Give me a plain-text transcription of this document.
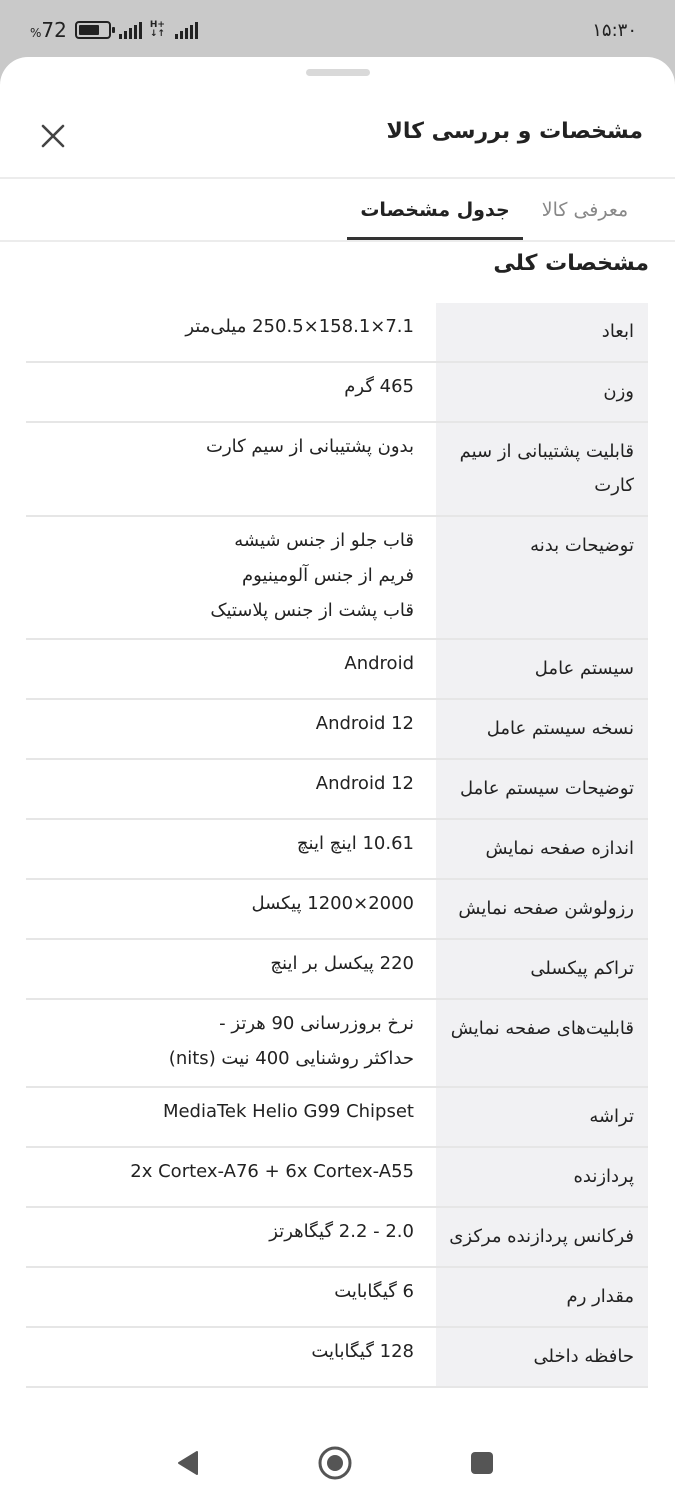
%72	H+
↓↑	۱۵:۳۰
مشخصات و بررسی کالا
معرفی کالا
جدول مشخصات
مشخصات کلی
ابعاد
7.1×158.1×250.5 میلی‌متر
وزن
465 گرم
قابلیت پشتیبانی از سیم کارت
بدون پشتیبانی از سیم کارت
توضیحات بدنه
قاب جلو از جنس شیشه
فریم از جنس آلومینیوم
قاب پشت از جنس پلاستیک
سیستم عامل
Android
نسخه سیستم عامل
Android 12
توضیحات سیستم عامل
Android 12
اندازه صفحه نمایش
10.61 اینچ اینچ
رزولوشن صفحه نمایش
2000×1200 پیکسل
تراکم پیکسلی
220 پیکسل بر اینچ
قابلیت‌های صفحه نمایش
نرخ بروزرسانی 90 هرتز -
حداکثر روشنایی 400 نیت (nits)
تراشه
MediaTek Helio G99 Chipset
پردازنده
2x Cortex-A76 + 6x Cortex-A55
فرکانس پردازنده مرکزی
2.0 - 2.2 گیگاهرتز
مقدار رم
6 گیگابایت
حافظه داخلی
128 گیگابایت
